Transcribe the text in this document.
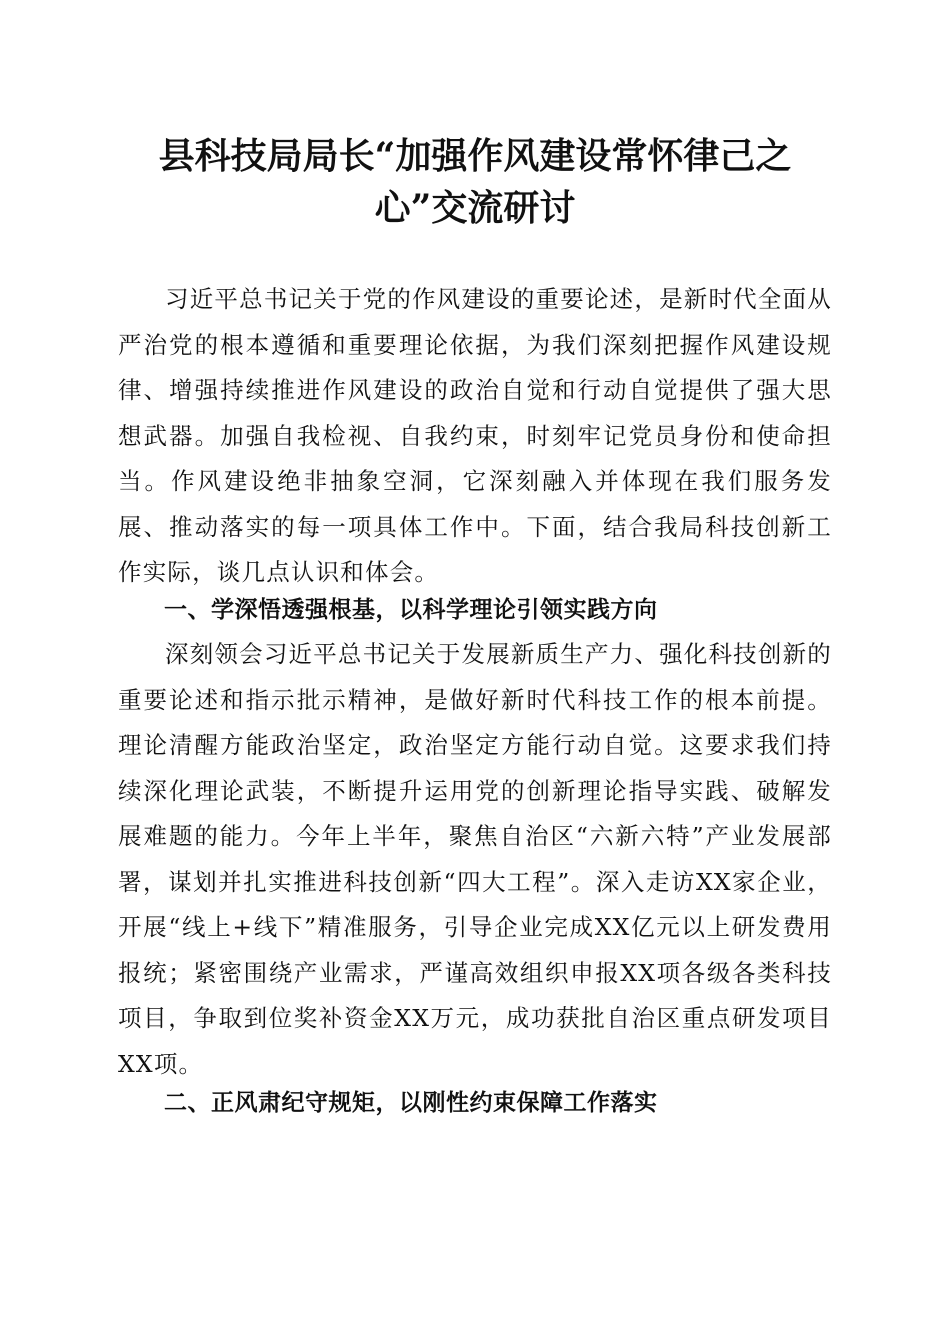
县科技局局长“加强作风建设常怀律己之
心”交流研讨

习近平总书记关于党的作风建设的重要论述，是新时代全面从严治党的根本遵循和重要理论依据，为我们深刻把握作风建设规律、增强持续推进作风建设的政治自觉和行动自觉提供了强大思想武器。加强自我检视、自我约束，时刻牢记党员身份和使命担当。作风建设绝非抽象空洞，它深刻融入并体现在我们服务发展、推动落实的每一项具体工作中。下面，结合我局科技创新工作实际，谈几点认识和体会。

一、学深悟透强根基，以科学理论引领实践方向

深刻领会习近平总书记关于发展新质生产力、强化科技创新的重要论述和指示批示精神，是做好新时代科技工作的根本前提。理论清醒方能政治坚定，政治坚定方能行动自觉。这要求我们持续深化理论武装，不断提升运用党的创新理论指导实践、破解发展难题的能力。今年上半年，聚焦自治区“六新六特”产业发展部署，谋划并扎实推进科技创新“四大工程”。深入走访XX家企业，开展“线上+线下”精准服务，引导企业完成XX亿元以上研发费用报统；紧密围绕产业需求，严谨高效组织申报XX项各级各类科技项目，争取到位奖补资金XX万元，成功获批自治区重点研发项目XX项。

二、正风肃纪守规矩，以刚性约束保障工作落实
